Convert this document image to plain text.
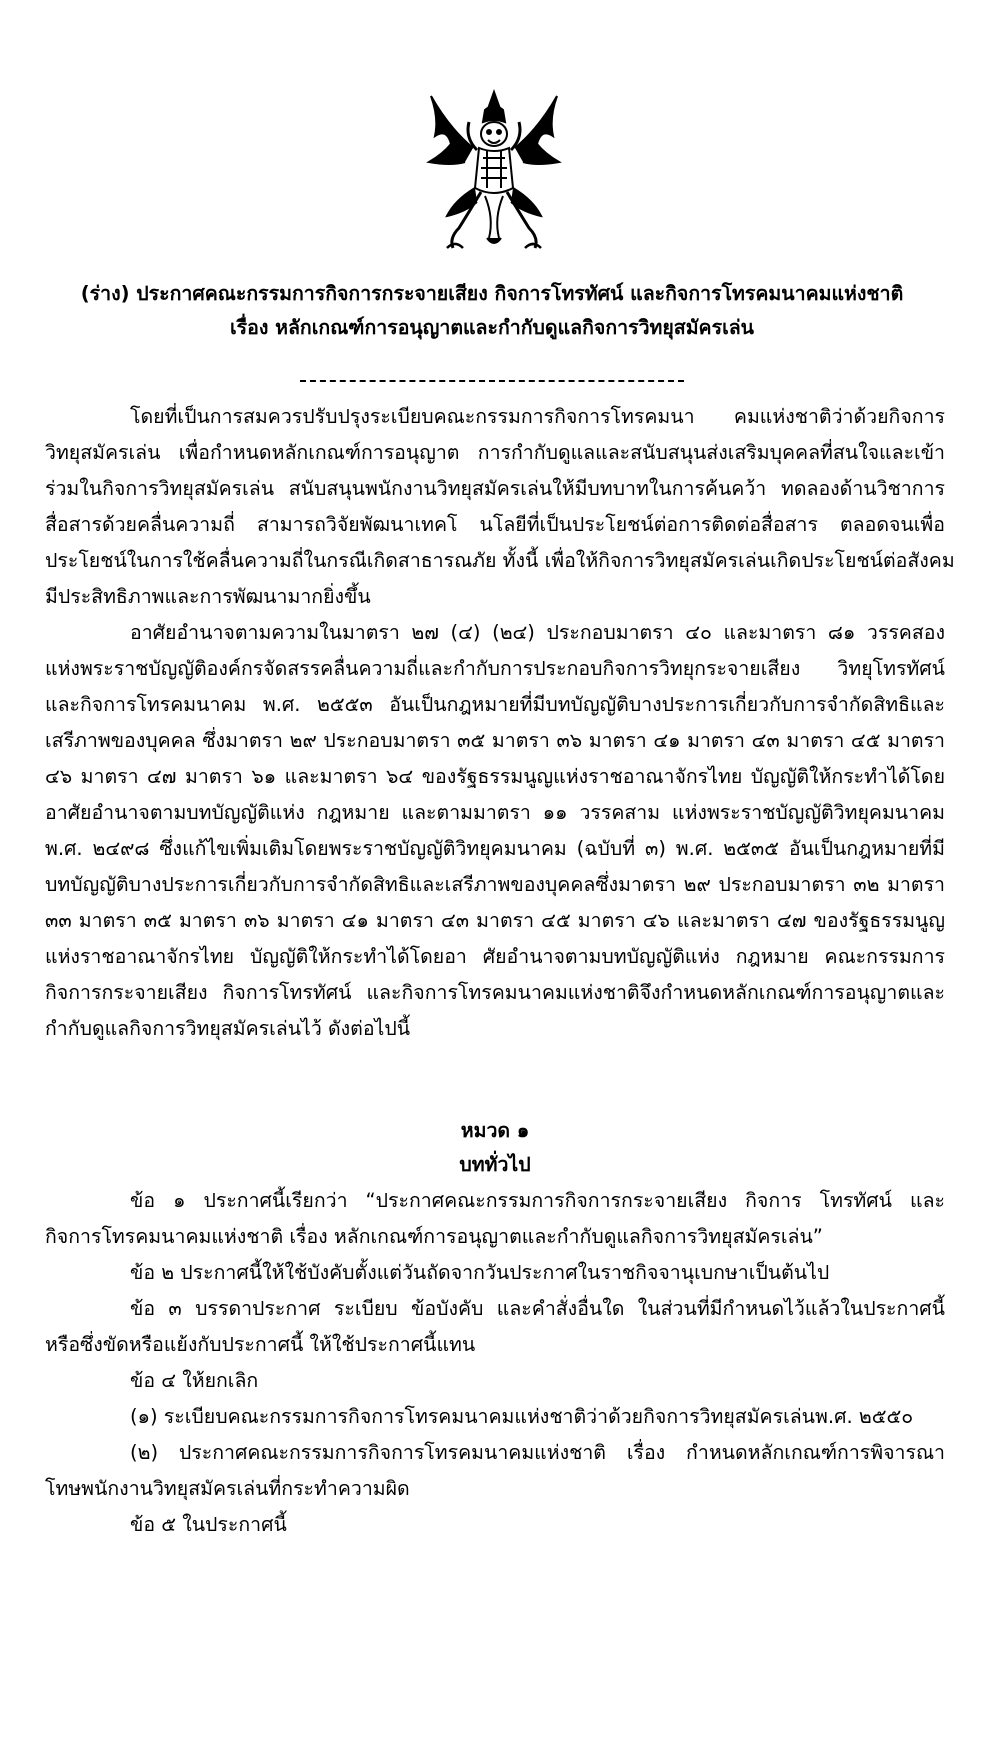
(ร่าง) ประกาศคณะกรรมการกิจการกระจายเสียง กิจการโทรทัศน์ และกิจการโทรคมนาคมแห่งชาติ
เรื่อง หลักเกณฑ์การอนุญาตและกำกับดูแลกิจการวิทยุสมัครเล่น
โดยที่เป็นการสมควรปรับปรุงระเบียบคณะกรรมการกิจการโทรคมนา คมแห่งชาติว่าด้วยกิจการ
วิทยุสมัครเล่น เพื่อกำหนดหลักเกณฑ์การอนุญาต การกำกับดูแลและสนับสนุนส่งเสริมบุคคลที่สนใจและเข้า
ร่วมในกิจการวิทยุสมัครเล่น สนับสนุนพนักงานวิทยุสมัครเล่นให้มีบทบาทในการค้นคว้า ทดลองด้านวิชาการ
สื่อสารด้วยคลื่นความถี่ สามารถวิจัยพัฒนาเทคโ นโลยีที่เป็นประโยชน์ต่อการติดต่อสื่อสาร ตลอดจนเพื่อ
ประโยชน์ในการใช้คลื่นความถี่ในกรณีเกิดสาธารณภัย ทั้งนี้ เพื่อให้กิจการวิทยุสมัครเล่นเกิดประโยชน์ต่อสังคม
มีประสิทธิภาพและการพัฒนามากยิ่งขึ้น
อาศัยอำนาจตามความในมาตรา ๒๗ (๔) (๒๔) ประกอบมาตรา ๔๐ และมาตรา ๘๑ วรรคสอง
แห่งพระราชบัญญัติองค์กรจัดสรรคลื่นความถี่และกำกับการประกอบกิจการวิทยุกระจายเสียง วิทยุโทรทัศน์
และกิจการโทรคมนาคม พ.ศ. ๒๕๕๓ อันเป็นกฎหมายที่มีบทบัญญัติบางประการเกี่ยวกับการจำกัดสิทธิและ
เสรีภาพของบุคคล ซึ่งมาตรา ๒๙ ประกอบมาตรา ๓๕ มาตรา ๓๖ มาตรา ๔๑ มาตรา ๔๓ มาตรา ๔๕ มาตรา
๔๖ มาตรา ๔๗ มาตรา ๖๑ และมาตรา ๖๔ ของรัฐธรรมนูญแห่งราชอาณาจักรไทย บัญญัติให้กระทำได้โดย
อาศัยอำนาจตามบทบัญญัติแห่ง กฎหมาย และตามมาตรา ๑๑ วรรคสาม แห่งพระราชบัญญัติวิทยุคมนาคม
พ.ศ. ๒๔๙๘ ซึ่งแก้ไขเพิ่มเติมโดยพระราชบัญญัติวิทยุคมนาคม (ฉบับที่ ๓) พ.ศ. ๒๕๓๕ อันเป็นกฎหมายที่มี
บทบัญญัติบางประการเกี่ยวกับการจำกัดสิทธิและเสรีภาพของบุคคลซึ่งมาตรา ๒๙ ประกอบมาตรา ๓๒ มาตรา
๓๓ มาตรา ๓๕ มาตรา ๓๖ มาตรา ๔๑ มาตรา ๔๓ มาตรา ๔๕ มาตรา ๔๖ และมาตรา ๔๗ ของรัฐธรรมนูญ
แห่งราชอาณาจักรไทย บัญญัติให้กระทำได้โดยอา ศัยอำนาจตามบทบัญญัติแห่ง กฎหมาย คณะกรรมการ
กิจการกระจายเสียง กิจการโทรทัศน์ และกิจการโทรคมนาคมแห่งชาติจึงกำหนดหลักเกณฑ์การอนุญาตและ
กำกับดูแลกิจการวิทยุสมัครเล่นไว้ ดังต่อไปนี้
หมวด ๑
บททั่วไป
ข้อ ๑ ประกาศนี้เรียกว่า “ประกาศคณะกรรมการกิจการกระจายเสียง กิจการ โทรทัศน์ และ
กิจการโทรคมนาคมแห่งชาติ เรื่อง หลักเกณฑ์การอนุญาตและกำกับดูแลกิจการวิทยุสมัครเล่น”
ข้อ ๒ ประกาศนี้ให้ใช้บังคับตั้งแต่วันถัดจากวันประกาศในราชกิจจานุเบกษาเป็นต้นไป
ข้อ ๓ บรรดาประกาศ ระเบียบ ข้อบังคับ และคำสั่งอื่นใด ในส่วนที่มีกำหนดไว้แล้วในประกาศนี้
หรือซึ่งขัดหรือแย้งกับประกาศนี้ ให้ใช้ประกาศนี้แทน
ข้อ ๔ ให้ยกเลิก
(๑) ระเบียบคณะกรรมการกิจการโทรคมนาคมแห่งชาติว่าด้วยกิจการวิทยุสมัครเล่นพ.ศ. ๒๕๕๐
(๒) ประกาศคณะกรรมการกิจการโทรคมนาคมแห่งชาติ เรื่อง กำหนดหลักเกณฑ์การพิจารณา
โทษพนักงานวิทยุสมัครเล่นที่กระทำความผิด
ข้อ ๕ ในประกาศนี้
